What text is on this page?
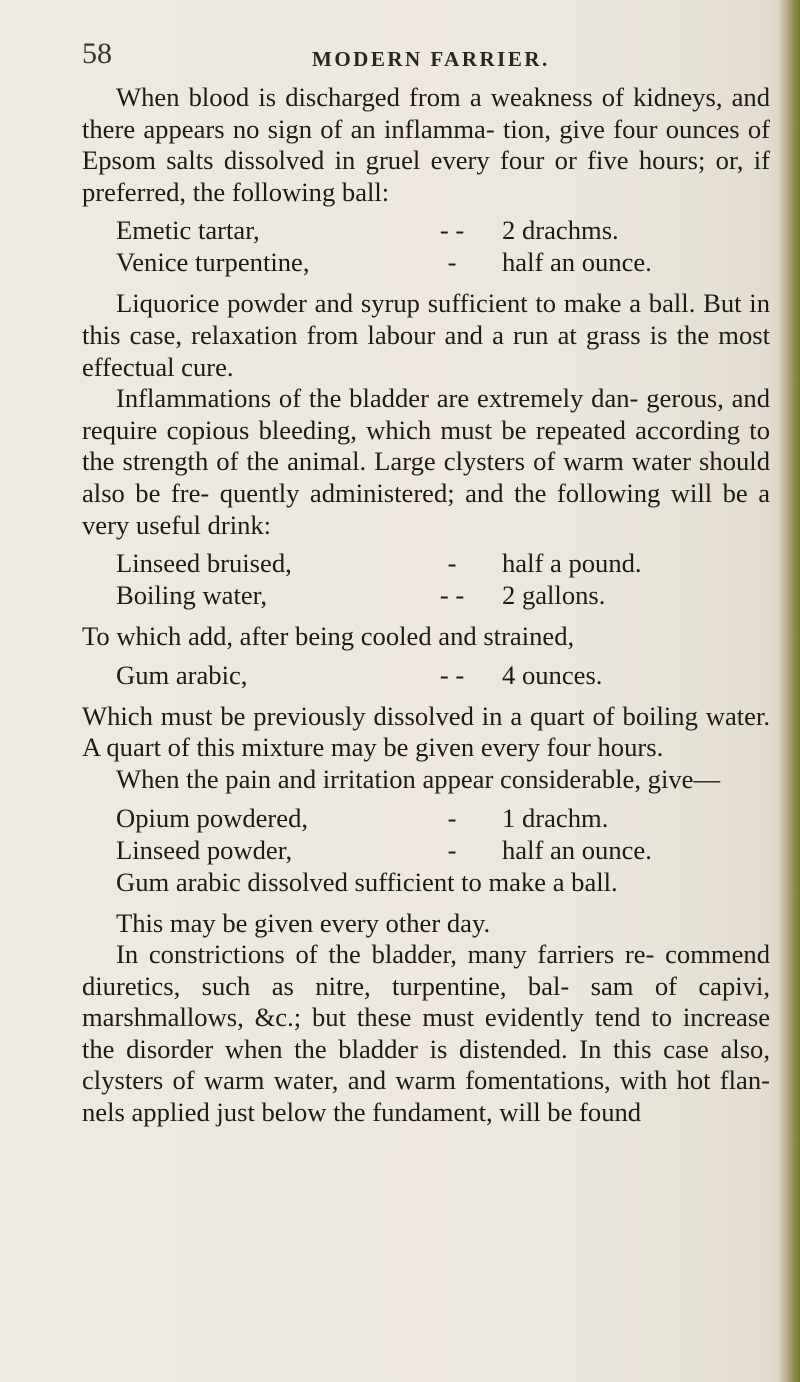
58	MODERN FARRIER.

When blood is discharged from a weakness of kidneys, and there appears no sign of an inflamma- tion, give four ounces of Epsom salts dissolved in gruel every four or five hours; or, if preferred, the following ball:

Emetic tartar,	- -	2 drachms.
Venice turpentine,	-	half an ounce.

Liquorice powder and syrup sufficient to make a ball. But in this case, relaxation from labour and a run at grass is the most effectual cure.

Inflammations of the bladder are extremely dan- gerous, and require copious bleeding, which must be repeated according to the strength of the animal. Large clysters of warm water should also be fre- quently administered; and the following will be a very useful drink:

Linseed bruised,	-	half a pound.
Boiling water,	- -	2 gallons.

To which add, after being cooled and strained,

Gum arabic,	- -	4 ounces.

Which must be previously dissolved in a quart of boiling water. A quart of this mixture may be given every four hours.

When the pain and irritation appear considerable, give—

Opium powdered,	-	1 drachm.
Linseed powder,	-	half an ounce.
Gum arabic dissolved sufficient to make a ball.

This may be given every other day.

In constrictions of the bladder, many farriers re- commend diuretics, such as nitre, turpentine, bal- sam of capivi, marshmallows, &c.; but these must evidently tend to increase the disorder when the bladder is distended. In this case also, clysters of warm water, and warm fomentations, with hot flan- nels applied just below the fundament, will be found
